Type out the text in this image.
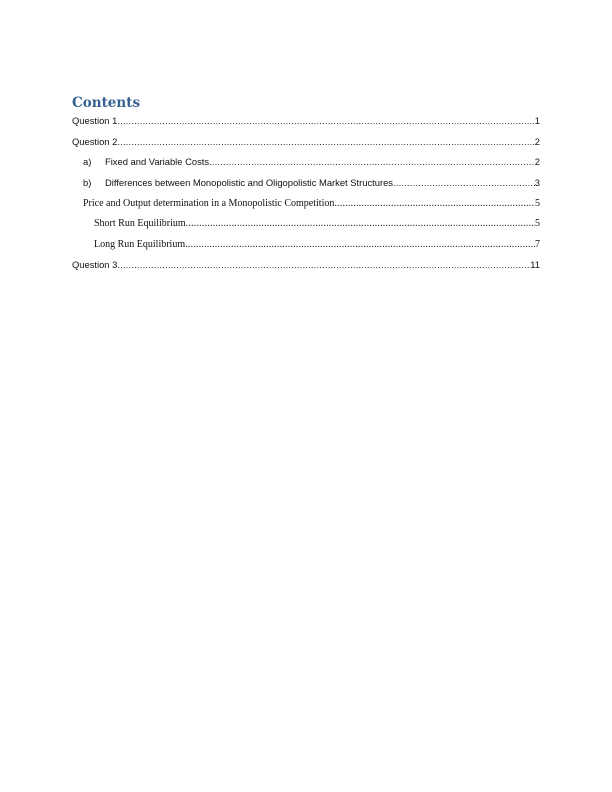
Contents
Question 1 .....	1
Question 2 .....	2
a)	Fixed and Variable Costs .....	2
b)	Differences between Monopolistic and Oligopolistic Market Structures .....	3
Price and Output determination in a Monopolistic Competition .....	5
Short Run Equilibrium .....	5
Long Run Equilibrium .....	7
Question 3 .....	11
